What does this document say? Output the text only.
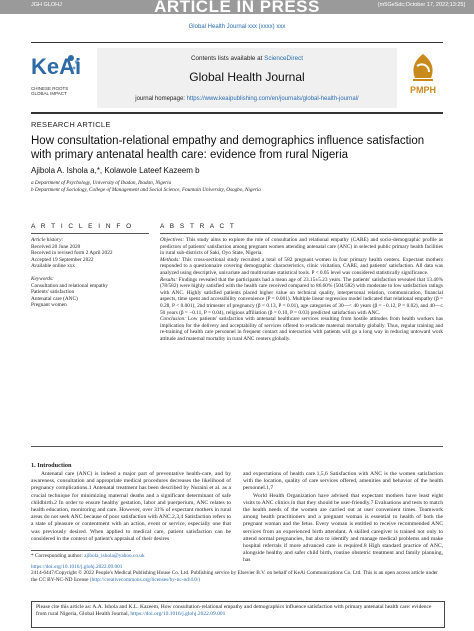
ARTICLE IN PRESS
JGH GLOHJ	[m5GeSdc;October 17, 2022;13:25]
Global Health Journal xxx (xxxx) xxx
KeAi
CHINESE ROOTS
GLOBAL IMPACT
Contents lists available at ScienceDirect
Global Health Journal
journal homepage: https://www.keaipublishing.com/en/journals/global-health-journal/
PMPH
RESEARCH ARTICLE
How consultation-relational empathy and demographics influence satisfaction with primary antenatal health care: evidence from rural Nigeria
Ajibola A. Ishola a,*, Kolawole Lateef Kazeem b
a Department of Psychology, University of Ibadan, Ibadan, Nigeria
b Department of Sociology, College of Management and Social Science, Fountain University, Osogbo, Nigeria
A R T I C L E I N F O	A B S T R A C T
Article history:
Received 20 June 2020
Received in revised form 2 April 2022
Accepted 19 September 2022
Available online xxx
Keywords:
Consultation and relational empathy
Patients' satisfaction
Antenatal care (ANC)
Pregnant women
Objectives: This study aims to explore the role of consultation and relational empathy (CARE) and socio-demographic profile as predictors of patients' satisfaction among pregnant women attending antenatal care (ANC) in selected public primary health facilities in rural sub-districts of Saki, Oyo State, Nigeria.
Methods: This cross-sectional study recruited a total of 582 pregnant women in four primary health centers. Expectant mothers responded to a questionnaire covering demographic characteristics, clinic visitation, CARE, and patients' satisfaction. All data was analyzed using descriptive, univariate and multivariate statistical tools. P < 0.05 level was considered statistically significance.
Results: Findings revealed that the participants had a mean age of 23.15±5.23 years. The patients' satisfaction revealed that 13.40% (78/582) were highly satisfied with the health care received compared to 86.60% (504/582) with moderate to low satisfaction ratings with ANC. Highly satisfied patients placed higher value on technical quality, interpersonal relation, communication, financial aspects, time spent and accessibility convenience (P = 0.001). Multiple linear regression model indicated that relational empathy (β = 0.28, P < 0.001), 2nd trimester of pregnancy (β = 0.13, P = 0.01), age categories of 30—< 40 years (β = −0.12, P = 0.02), and 40—≤ 50 years (β = −0.11, P = 0.04), religious affiliation (β = 0.10, P = 0.03) predicted satisfaction with ANC.
Conclusion: Low patients' satisfaction with antenatal healthcare services resulting from hostile attitudes from health workers has implication for the delivery and acceptability of services offered to eradicate maternal mortality globally. Thus, regular training and re-training of health care personnel in frequent contact and interaction with patients will go a long way in reducing untoward work attitude and maternal mortality in rural ANC centers globally.
1. Introduction

Antenatal care (ANC) is indeed a major part of preventative health-care, and by awareness, consultation and appropriate medical procedures decreases the likelihood of pregnancy complications.1 Antenatal treatment has been described by Nuraini et al. as a crucial technique for minimizing maternal deaths and a significant determinant of safe childbirth.2 In order to ensure healthy gestation, labor and puerperium, ANC relates to health education, monitoring and care. However, over 31% of expectant mothers in rural areas do not seek ANC because of poor satisfaction with ANC.2,3,4 Satisfaction refers to a state of pleasure or contentment with an action, event or service, especially one that was previously desired. When applied to medical care, patient satisfaction can be considered in the context of patient's appraisal of their desires

and expectations of health care.1,5,6 Satisfaction with ANC is the women satisfaction with the location, quality of care services offered, amenities and behavior of the health personnel.1,7

World Health Organization have advised that expectant mothers have least eight visits to ANC clinics in that they should be user-friendly.7 Evaluations and tests to match the health needs of the women are carried out at user convenient times. Teamwork among health practitioners and a pregnant woman is essential to health of both the pregnant woman and the fetus. Every woman is entitled to receive recommended ANC services from an experienced birth attendant. A skilled caregiver is trained not only to attend normal pregnancies, but also to identify and manage medical problems and make hospital referrals if more advanced care is required.8 High standard practice of ANC, alongside healthy and safer child birth, routine obstetric treatment and family planning, has

* Corresponding author: ajibola_ishola@yahoo.co.uk
https://doi.org/10.1016/j.glohj.2022.09.001
2414-6447/Copyright © 2022 People's Medical Publishing House Co. Ltd. Publishing service by Elsevier B.V. on behalf of KeAi Communications Co. Ltd. This is an open access article under the CC BY-NC-ND license (http://creativecommons.org/licenses/by-nc-nd/4.0/)
Please cite this article as: A.A. Ishola and K.L. Kazeem, How consultation-relational empathy and demographics influence satisfaction with primary antenatal health care: evidence from rural Nigeria, Global Health Journal, https://doi.org/10.1016/j.glohj.2022.09.001
